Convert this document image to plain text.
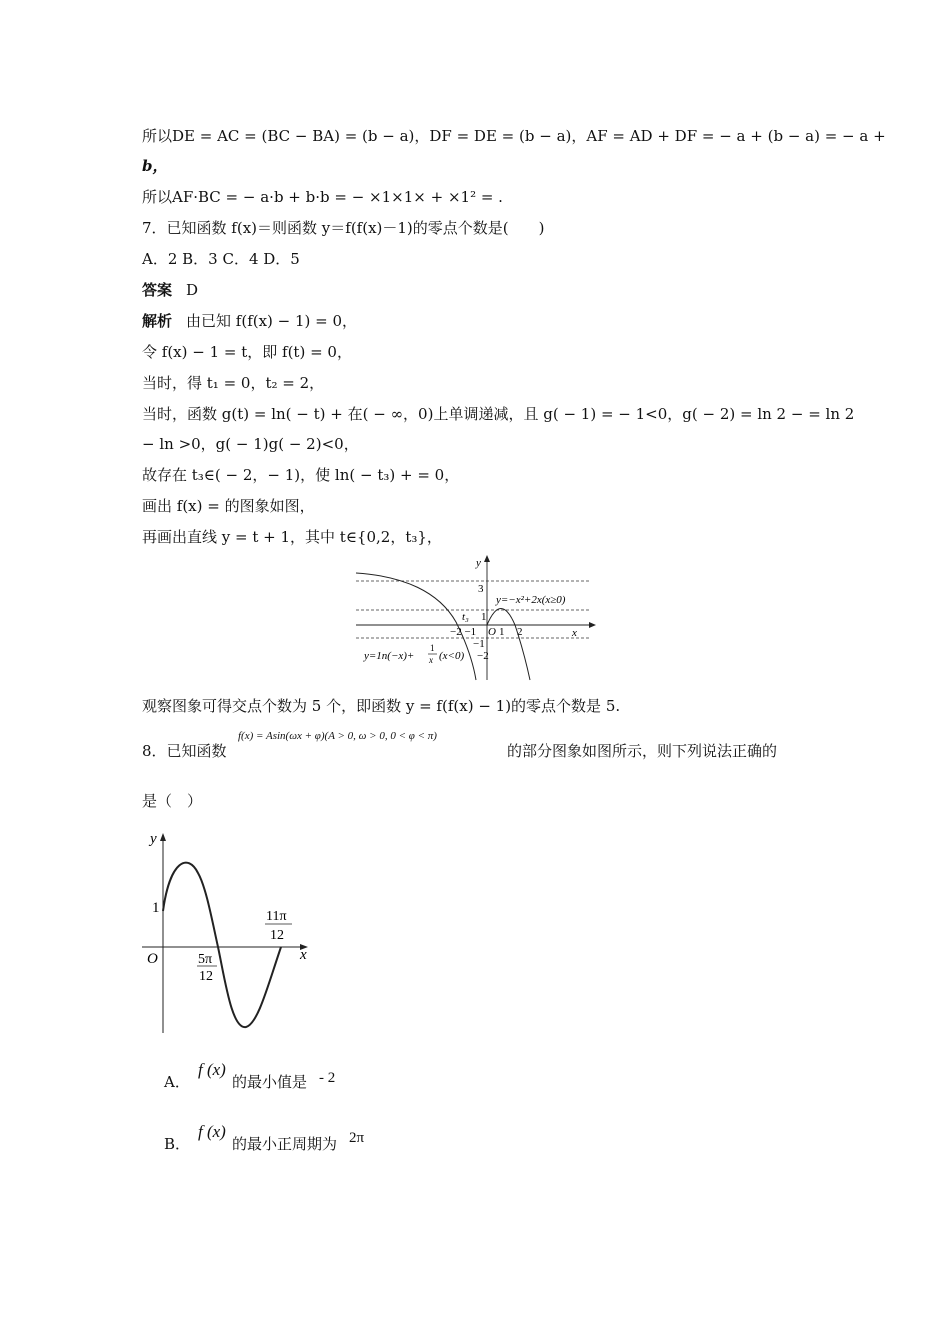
所以DE = AC = (BC − BA) = (b − a)，DF = DE = (b − a)，AF = AD + DF = − a + (b − a) = − a +
b，
所以AF·BC = − a·b + b·b = − ×1×1× + ×1² = .
7．已知函数 f(x)＝则函数 y＝f(f(x)－1)的零点个数是(　　)
A．2 B．3 C．4 D．5
答案 D
解析 由已知 f(f(x) − 1) = 0，
令 f(x) − 1 = t，即 f(t) = 0，
当时，得 t₁ = 0，t₂ = 2，
当时，函数 g(t) = ln( − t) + 在( − ∞，0)上单调递减，且 g( − 1) = − 1<0，g( − 2) = ln 2 − = ln 2
− ln >0，g( − 1)g( − 2)<0，
故存在 t₃∈( − 2，− 1)，使 ln( − t₃) + = 0，
画出 f(x) = 的图象如图，
再画出直线 y = t + 1，其中 t∈{0,2，t₃}，
y
x
3
1
t₃
−2 −1 O 1 2
−1
−2
y=−x²+2x(x≥0)
y=1n(−x)+
1
x (x<0)
观察图象可得交点个数为 5 个，即函数 y = f(f(x) − 1)的零点个数是 5.
8．已知函数
f(x) = Asin(ωx + φ)(A > 0, ω > 0, 0 < φ < π)
的部分图象如图所示，则下列说法正确的
是（　）
y
x
O
1
5π
12
11π
12
A．
f (x)
的最小值是 - 2
B．
f (x)
的最小正周期为 2π
